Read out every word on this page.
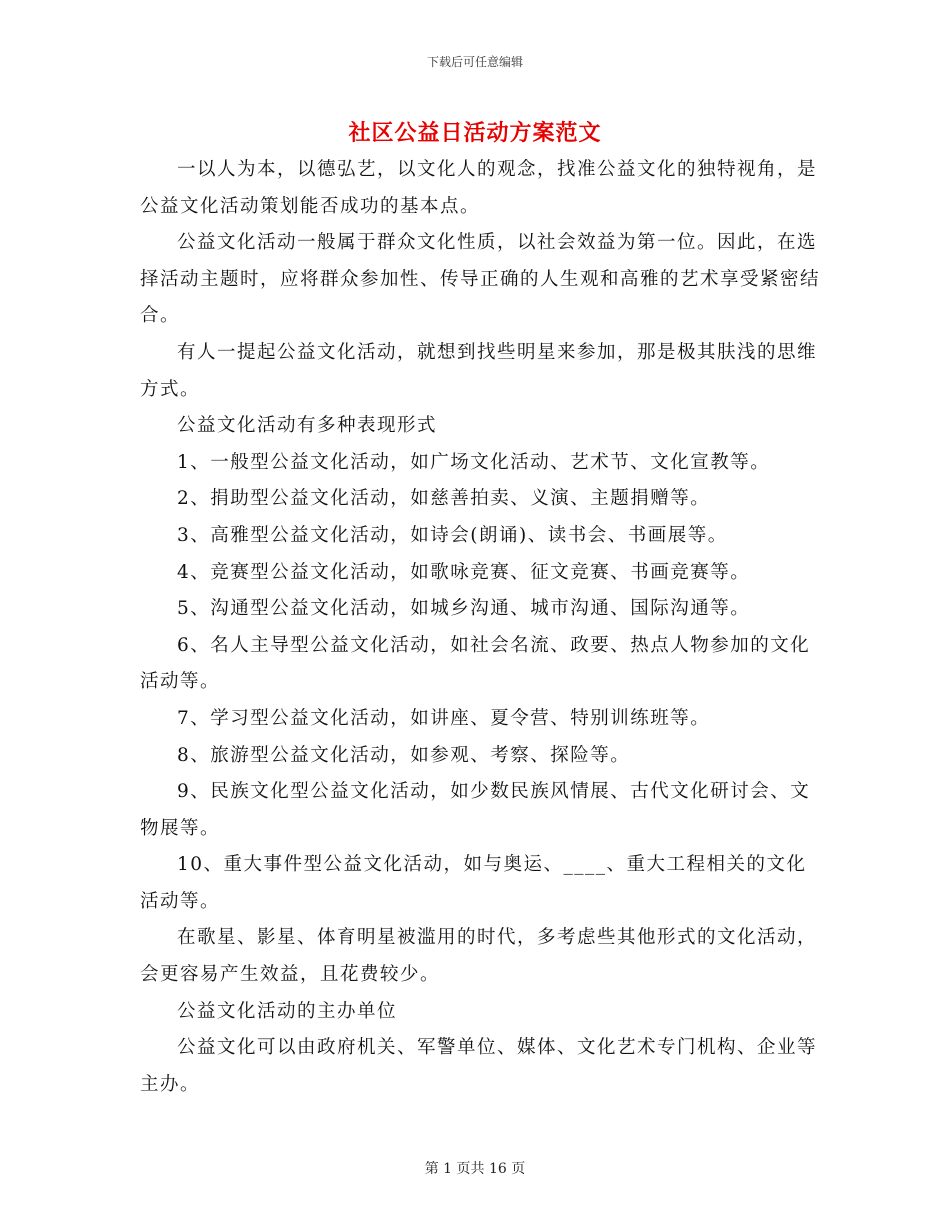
下载后可任意编辑
社区公益日活动方案范文

一以人为本，以德弘艺，以文化人的观念，找准公益文化的独特视角，是公益文化活动策划能否成功的基本点。

公益文化活动一般属于群众文化性质，以社会效益为第一位。因此，在选择活动主题时，应将群众参加性、传导正确的人生观和高雅的艺术享受紧密结合。

有人一提起公益文化活动，就想到找些明星来参加，那是极其肤浅的思维方式。

公益文化活动有多种表现形式

1、一般型公益文化活动，如广场文化活动、艺术节、文化宣教等。

2、捐助型公益文化活动，如慈善拍卖、义演、主题捐赠等。

3、高雅型公益文化活动，如诗会(朗诵)、读书会、书画展等。

4、竞赛型公益文化活动，如歌咏竞赛、征文竞赛、书画竞赛等。

5、沟通型公益文化活动，如城乡沟通、城市沟通、国际沟通等。

6、名人主导型公益文化活动，如社会名流、政要、热点人物参加的文化活动等。

7、学习型公益文化活动，如讲座、夏令营、特别训练班等。

8、旅游型公益文化活动，如参观、考察、探险等。

9、民族文化型公益文化活动，如少数民族风情展、古代文化研讨会、文物展等。

10、重大事件型公益文化活动，如与奥运、____、重大工程相关的文化活动等。

在歌星、影星、体育明星被滥用的时代，多考虑些其他形式的文化活动，会更容易产生效益，且花费较少。

公益文化活动的主办单位

公益文化可以由政府机关、军警单位、媒体、文化艺术专门机构、企业等主办。

第 1 页共 16 页
